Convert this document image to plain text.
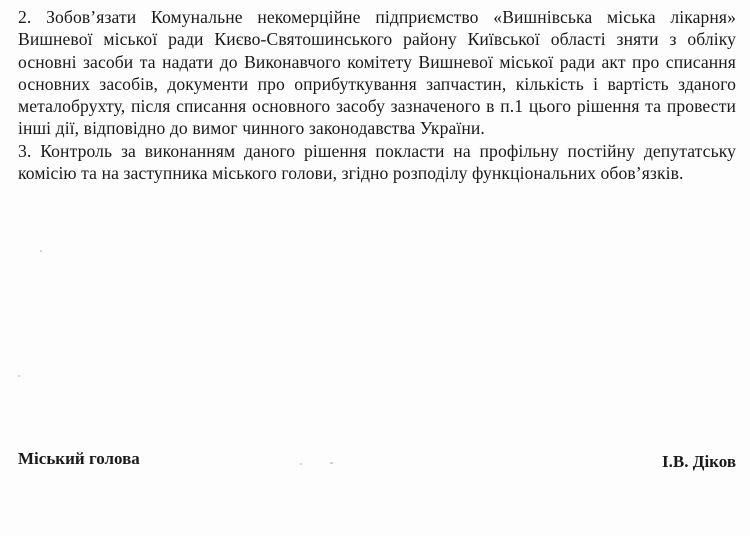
2. Зобов’язати Комунальне некомерційне підприємство «Вишнівська міська лікарня» Вишневої міської ради Києво-Святошинського району Київської області зняти з обліку основні засоби та надати до Виконавчого комітету Вишневої міської ради акт про списання основних засобів, документи про оприбуткування запчастин, кількість і вартість зданого металобрухту, після списання основного засобу зазначеного в п.1 цього рішення та провести інші дії, відповідно до вимог чинного законодавства України.

3. Контроль за виконанням даного рішення покласти на профільну постійну депутатську комісію та на заступника міського голови, згідно розподілу функціональних обов’язків.

Міський голова	І.В. Діков
